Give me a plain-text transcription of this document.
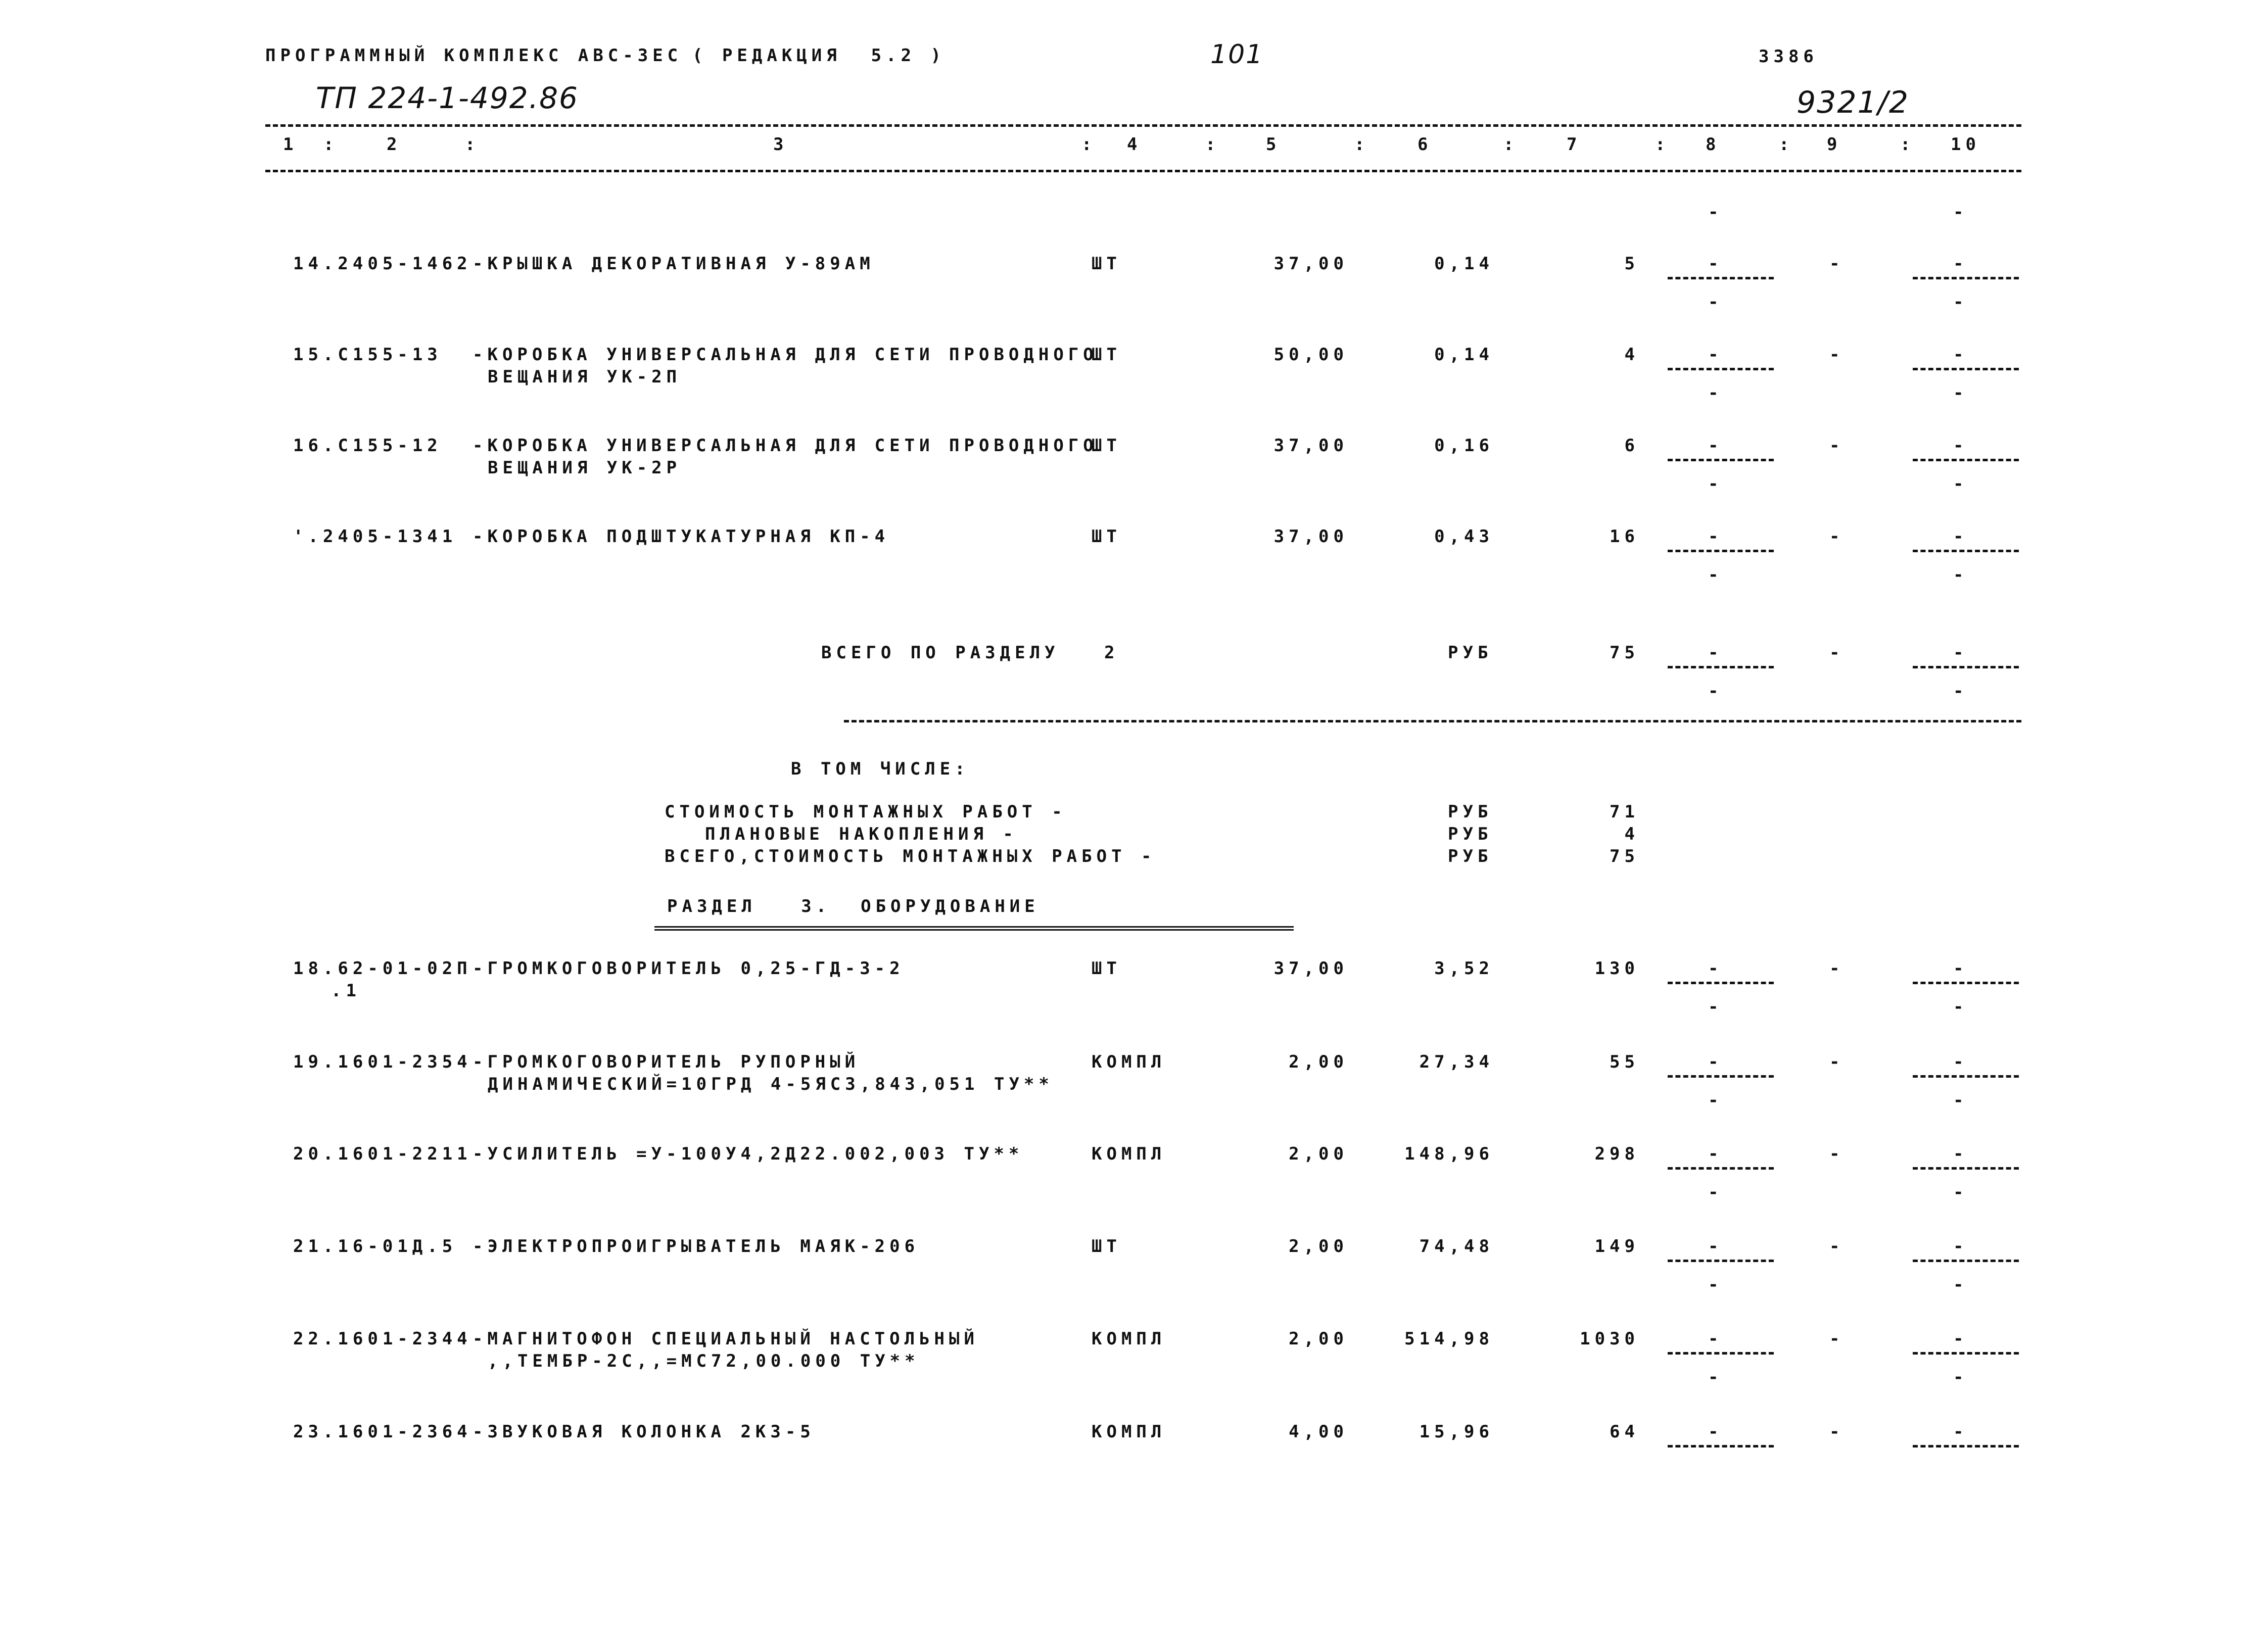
ПРОГРАММНЫЙ КОМПЛЕКС АВС-ЗЕС ( РЕДАКЦИЯ  5.2 )	101	3386
ТП 224-1-492.86	9321/2
1	2	3	4	5	6	7	8	9	10
:	:	:	:	:	:	:	:	:
-	-
14.2405-1462 -КРЫШКА ДЕКОРАТИВНАЯ У-89АМ	ШТ	37,00	0,14	5	-	-	-
-	-
15.С155-13 -КОРОБКА УНИВЕРСАЛЬНАЯ ДЛЯ СЕТИ ПРОВОДНОГО
ВЕЩАНИЯ УК-2П
ШТ	50,00	0,14	4	-	-	-
-	-
16.С155-12 -КОРОБКА УНИВЕРСАЛЬНАЯ ДЛЯ СЕТИ ПРОВОДНОГО
ВЕЩАНИЯ УК-2Р
ШТ	37,00	0,16	6	-	-	-
-	-
'.2405-1341 -КОРОБКА ПОДШТУКАТУРНАЯ КП-4	ШТ	37,00	0,43	16	-	-	-
-	-
ВСЕГО ПО РАЗДЕЛУ	2	РУБ	75	-	-	-
-	-
В ТОМ ЧИСЛЕ:
СТОИМОСТЬ МОНТАЖНЫХ РАБОТ -	РУБ	71
ПЛАНОВЫЕ НАКОПЛЕНИЯ -	РУБ	4
ВСЕГО,СТОИМОСТЬ МОНТАЖНЫХ РАБОТ -	РУБ	75
РАЗДЕЛ   3.  ОБОРУДОВАНИЕ
18.62-01-02П
.1
-ГРОМКОГОВОРИТЕЛЬ 0,25-ГД-3-2	ШТ	37,00	3,52	130	-	-	-
-	-
19.1601-2354 -ГРОМКОГОВОРИТЕЛЬ РУПОРНЫЙ
ДИНАМИЧЕСКИЙ=10ГРД 4-5ЯС3,843,051 ТУ**
КОМПЛ	2,00	27,34	55	-	-	-
-	-
20.1601-2211 -УСИЛИТЕЛЬ =У-100У4,2Д22.002,003 ТУ**	КОМПЛ	2,00	148,96	298	-	-	-
-	-
21.16-01Д.5 -ЭЛЕКТРОПРОИГРЫВАТЕЛЬ МАЯК-206	ШТ	2,00	74,48	149	-	-	-
-	-
22.1601-2344 -МАГНИТОФОН СПЕЦИАЛЬНЫЙ НАСТОЛЬНЫЙ
,,ТЕМБР-2С,,=МС72,00.000 ТУ**
КОМПЛ	2,00	514,98	1030	-	-	-
-	-
23.1601-2364 -ЗВУКОВАЯ КОЛОНКА 2КЗ-5	КОМПЛ	4,00	15,96	64	-	-	-
